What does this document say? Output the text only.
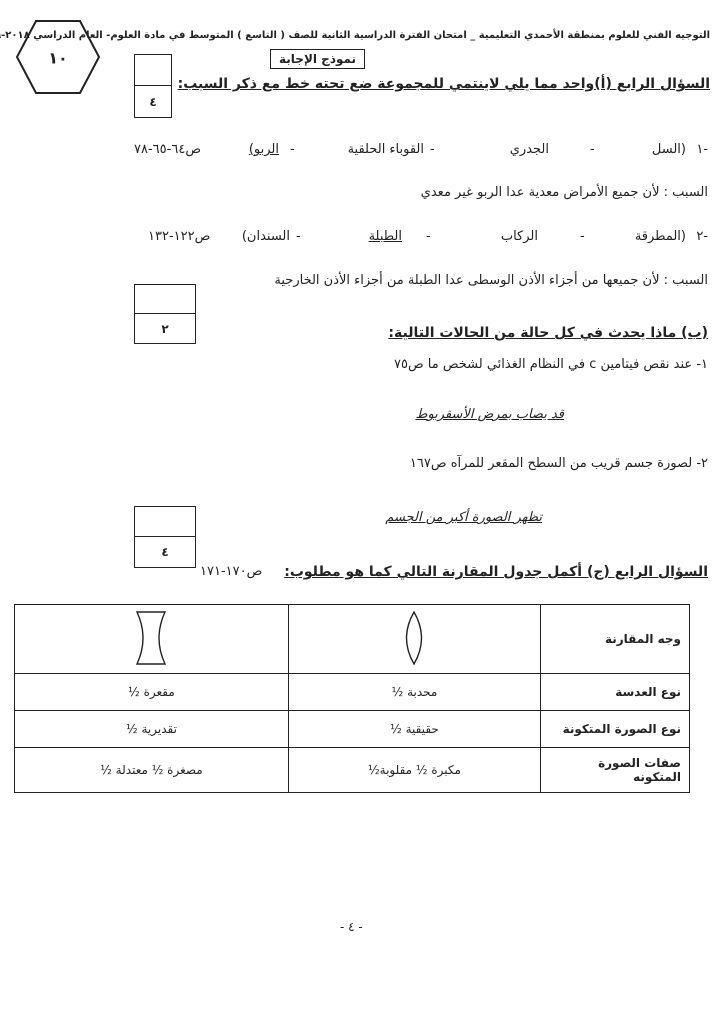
التوجيه الفني للعلوم بمنطقة الأحمدي التعليمية _ امتحان الفترة الدراسية الثانية للصف ( التاسع ) المتوسط في مادة العلوم- العام الدراسي ٢٠١٨-
١٠	نموذج الإجابة
٤
السؤال الرابع (أ)واحد مما يلي لاينتمي للمجموعة ضع تحته خط مع ذكر السبب:
١-
(السل
-
الجدري
-
القوباء الحلقية
-
الربو)
ص٦٤-٦٥-٧٨
السبب : لأن جميع الأمراض معدية عدا الربو غير معدي
٢-
(المطرقة
-
الركاب
-
الطبلة
-
السندان)
ص١٢٢-١٣٢
السبب : لأن جميعها من أجزاء الأذن الوسطى عدا الطبلة من أجزاء الأذن الخارجية
٢	(ب) ماذا يحدث في كل حالة من الحالات التالية:
١- عند نقص فيتامين c في النظام الغذائي لشخص ما ص٧٥
قد يصاب بمرض الأسقربوط
٢- لصورة جسم قريب من السطح المقعر للمرآه ص١٦٧
تظهر الصورة أكبر من الجسم
٤
السؤال الرابع (ج) أكمل جدول المقارنة التالي كما هو مطلوب:
ص١٧٠-١٧١
وجه المقارنة		
نوع العدسة	محدبة ½	مقعرة ½
نوع الصورة المتكونة	حقيقية ½	تقديرية ½
صفات الصورة المتكونه	مكبرة ½ مقلوبة½	مصغرة ½ معتدلة ½
- ٤ -
